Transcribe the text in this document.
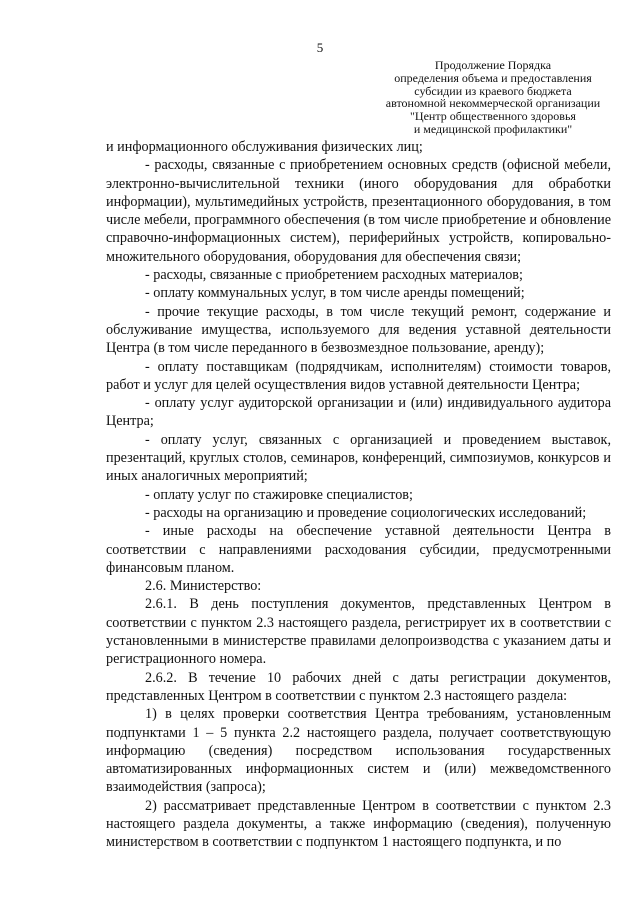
5
Продолжение Порядка
определения объема и предоставления
субсидии из краевого бюджета
автономной некоммерческой организации
"Центр общественного здоровья
и медицинской профилактики"

и информационного обслуживания физических лиц;

- расходы, связанные с приобретением основных средств (офисной мебели, электронно-вычислительной техники (иного оборудования для обработки информации), мультимедийных устройств, презентационного оборудования, в том числе мебели, программного обеспечения (в том числе приобретение и обновление справочно-информационных систем), периферийных устройств, копировально-множительного оборудования, оборудования для обеспечения связи;

- расходы, связанные с приобретением расходных материалов;

- оплату коммунальных услуг, в том числе аренды помещений;

- прочие текущие расходы, в том числе текущий ремонт, содержание и обслуживание имущества, используемого для ведения уставной деятельности Центра (в том числе переданного в безвозмездное пользование, аренду);

- оплату поставщикам (подрядчикам, исполнителям) стоимости товаров, работ и услуг для целей осуществления видов уставной деятельности Центра;

- оплату услуг аудиторской организации и (или) индивидуального аудитора Центра;

- оплату услуг, связанных с организацией и проведением выставок, презентаций, круглых столов, семинаров, конференций, симпозиумов, конкурсов и иных аналогичных мероприятий;

- оплату услуг по стажировке специалистов;

- расходы на организацию и проведение социологических исследований;

- иные расходы на обеспечение уставной деятельности Центра в соответствии с направлениями расходования субсидии, предусмотренными финансовым планом.

2.6. Министерство:

2.6.1. В день поступления документов, представленных Центром в соответствии с пунктом 2.3 настоящего раздела, регистрирует их в соответствии с установленными в министерстве правилами делопроизводства с указанием даты и регистрационного номера.

2.6.2. В течение 10 рабочих дней с даты регистрации документов, представленных Центром в соответствии с пунктом 2.3 настоящего раздела:

1) в целях проверки соответствия Центра требованиям, установленным подпунктами 1 – 5 пункта 2.2 настоящего раздела, получает соответствующую информацию (сведения) посредством использования государственных автоматизированных информационных систем и (или) межведомственного взаимодействия (запроса);

2) рассматривает представленные Центром в соответствии с пунктом 2.3 настоящего раздела документы, а также информацию (сведения), полученную министерством в соответствии с подпунктом 1 настоящего подпункта, и по
